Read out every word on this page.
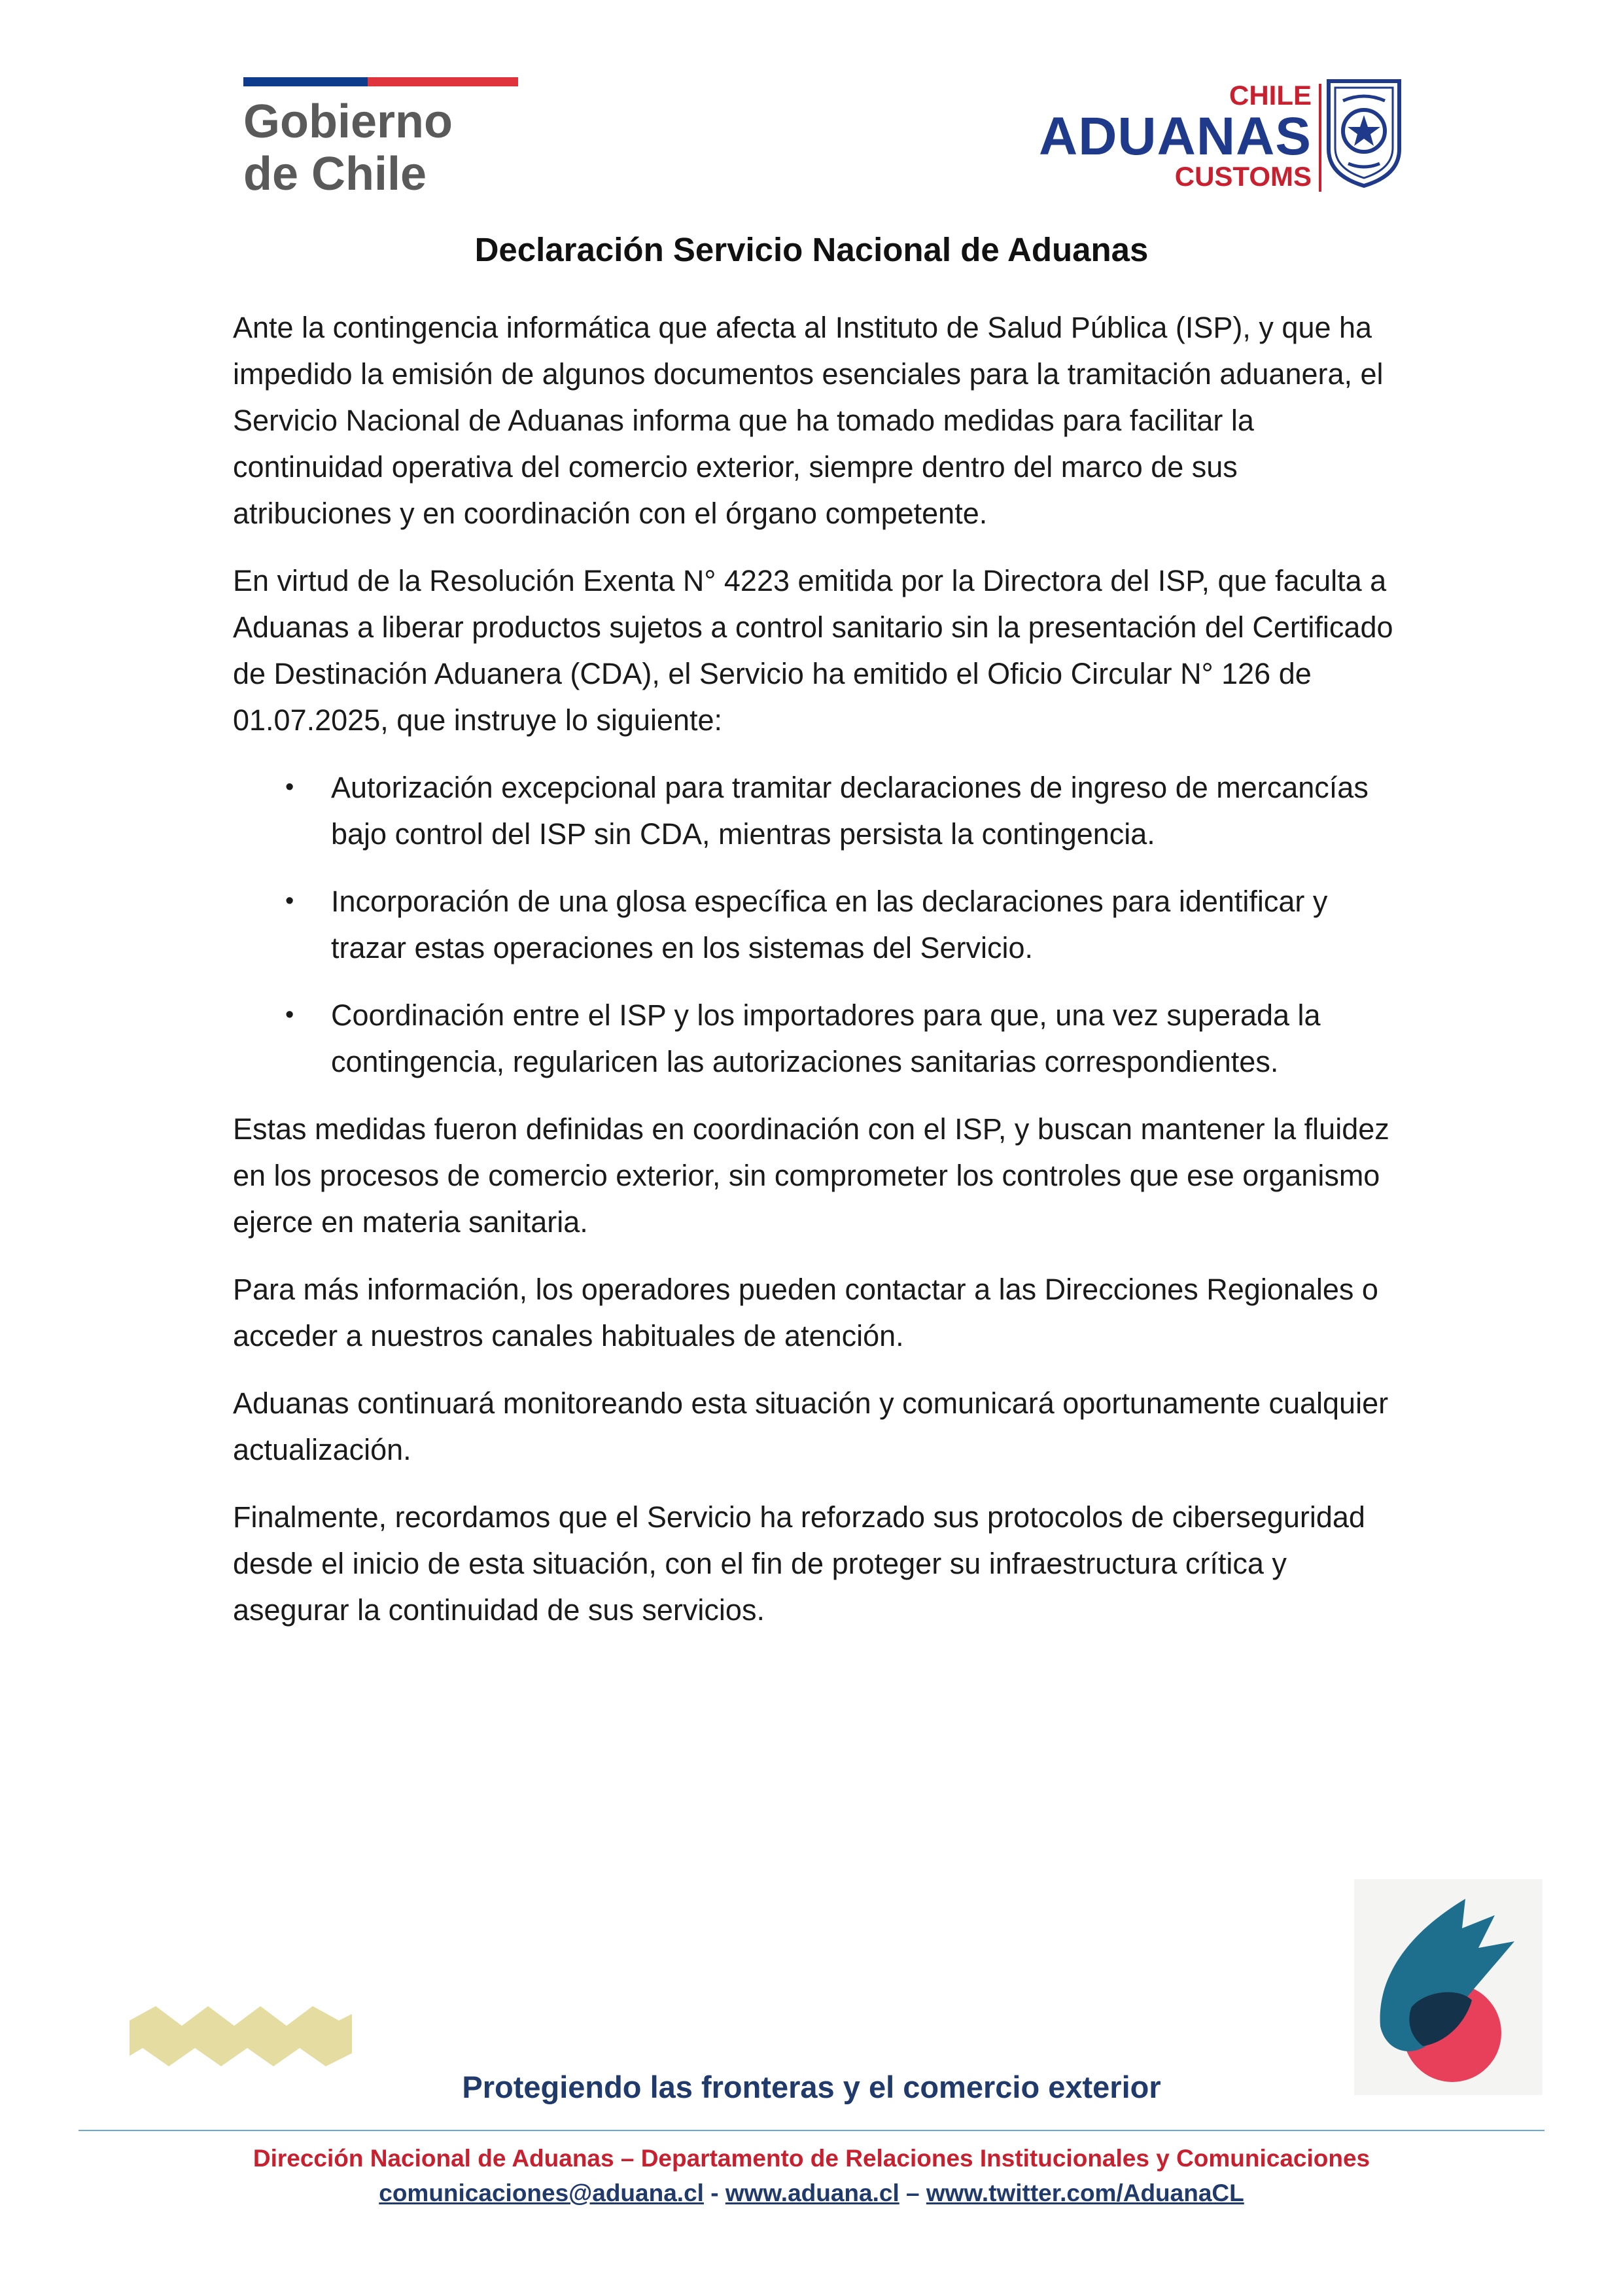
Gobierno
de Chile
CHILE
ADUANAS
CUSTOMS
Declaración Servicio Nacional de Aduanas

Ante la contingencia informática que afecta al Instituto de Salud Pública (ISP), y que ha impedido la emisión de algunos documentos esenciales para la tramitación aduanera, el Servicio Nacional de Aduanas informa que ha tomado medidas para facilitar la continuidad operativa del comercio exterior, siempre dentro del marco de sus atribuciones y en coordinación con el órgano competente.

En virtud de la Resolución Exenta N° 4223 emitida por la Directora del ISP, que faculta a Aduanas a liberar productos sujetos a control sanitario sin la presentación del Certificado de Destinación Aduanera (CDA), el Servicio ha emitido el Oficio Circular N° 126 de 01.07.2025, que instruye lo siguiente:

• Autorización excepcional para tramitar declaraciones de ingreso de mercancías bajo control del ISP sin CDA, mientras persista la contingencia.
• Incorporación de una glosa específica en las declaraciones para identificar y trazar estas operaciones en los sistemas del Servicio.
• Coordinación entre el ISP y los importadores para que, una vez superada la contingencia, regularicen las autorizaciones sanitarias correspondientes.

Estas medidas fueron definidas en coordinación con el ISP, y buscan mantener la fluidez en los procesos de comercio exterior, sin comprometer los controles que ese organismo ejerce en materia sanitaria.

Para más información, los operadores pueden contactar a las Direcciones Regionales o acceder a nuestros canales habituales de atención.

Aduanas continuará monitoreando esta situación y comunicará oportunamente cualquier actualización.

Finalmente, recordamos que el Servicio ha reforzado sus protocolos de ciberseguridad desde el inicio de esta situación, con el fin de proteger su infraestructura crítica y asegurar la continuidad de sus servicios.

Protegiendo las fronteras y el comercio exterior
Dirección Nacional de Aduanas – Departamento de Relaciones Institucionales y Comunicaciones
comunicaciones@aduana.cl - www.aduana.cl – www.twitter.com/AduanaCL
